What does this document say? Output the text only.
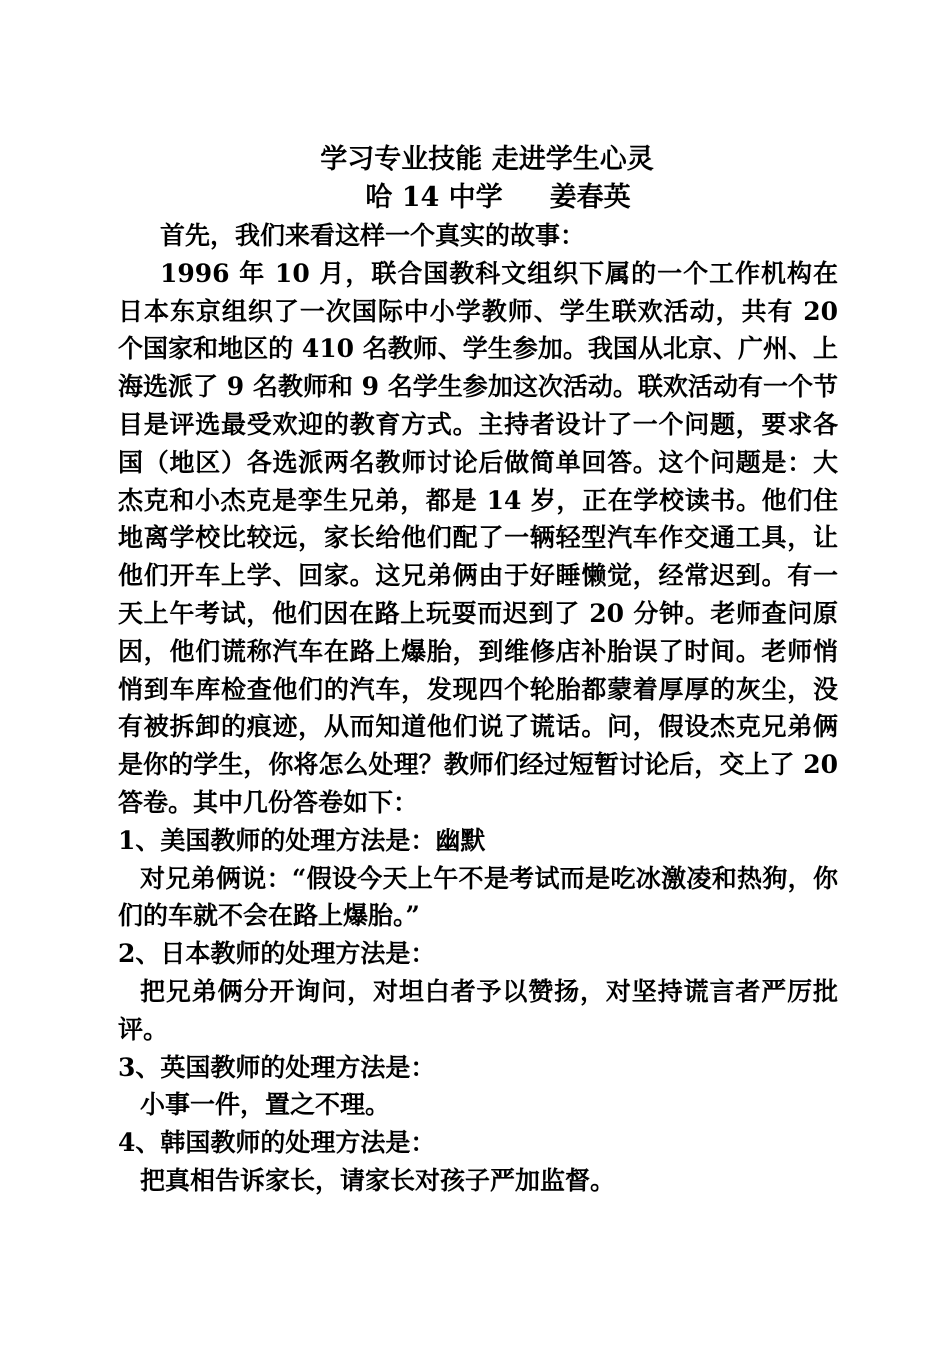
学习专业技能 走进学生心灵

哈 14 中学     姜春英

首先，我们来看这样一个真实的故事：

1996 年 10 月，联合国教科文组织下属的一个工作机构在日本东京组织了一次国际中小学教师、学生联欢活动，共有 20 个国家和地区的 410 名教师、学生参加。我国从北京、广州、上海选派了 9 名教师和 9 名学生参加这次活动。联欢活动有一个节目是评选最受欢迎的教育方式。主持者设计了一个问题，要求各国（地区）各选派两名教师讨论后做简单回答。这个问题是：大杰克和小杰克是孪生兄弟，都是 14 岁，正在学校读书。他们住地离学校比较远，家长给他们配了一辆轻型汽车作交通工具，让他们开车上学、回家。这兄弟俩由于好睡懒觉，经常迟到。有一天上午考试，他们因在路上玩耍而迟到了 20 分钟。老师查问原因，他们谎称汽车在路上爆胎，到维修店补胎误了时间。老师悄悄到车库检查他们的汽车，发现四个轮胎都蒙着厚厚的灰尘，没有被拆卸的痕迹，从而知道他们说了谎话。问，假设杰克兄弟俩是你的学生，你将怎么处理？教师们经过短暂讨论后，交上了 20 答卷。其中几份答卷如下：

1、美国教师的处理方法是：幽默

对兄弟俩说：“假设今天上午不是考试而是吃冰激凌和热狗，你们的车就不会在路上爆胎。”

2、日本教师的处理方法是：

把兄弟俩分开询问，对坦白者予以赞扬，对坚持谎言者严厉批评。

3、英国教师的处理方法是：

小事一件，置之不理。

4、韩国教师的处理方法是：

把真相告诉家长，请家长对孩子严加监督。
